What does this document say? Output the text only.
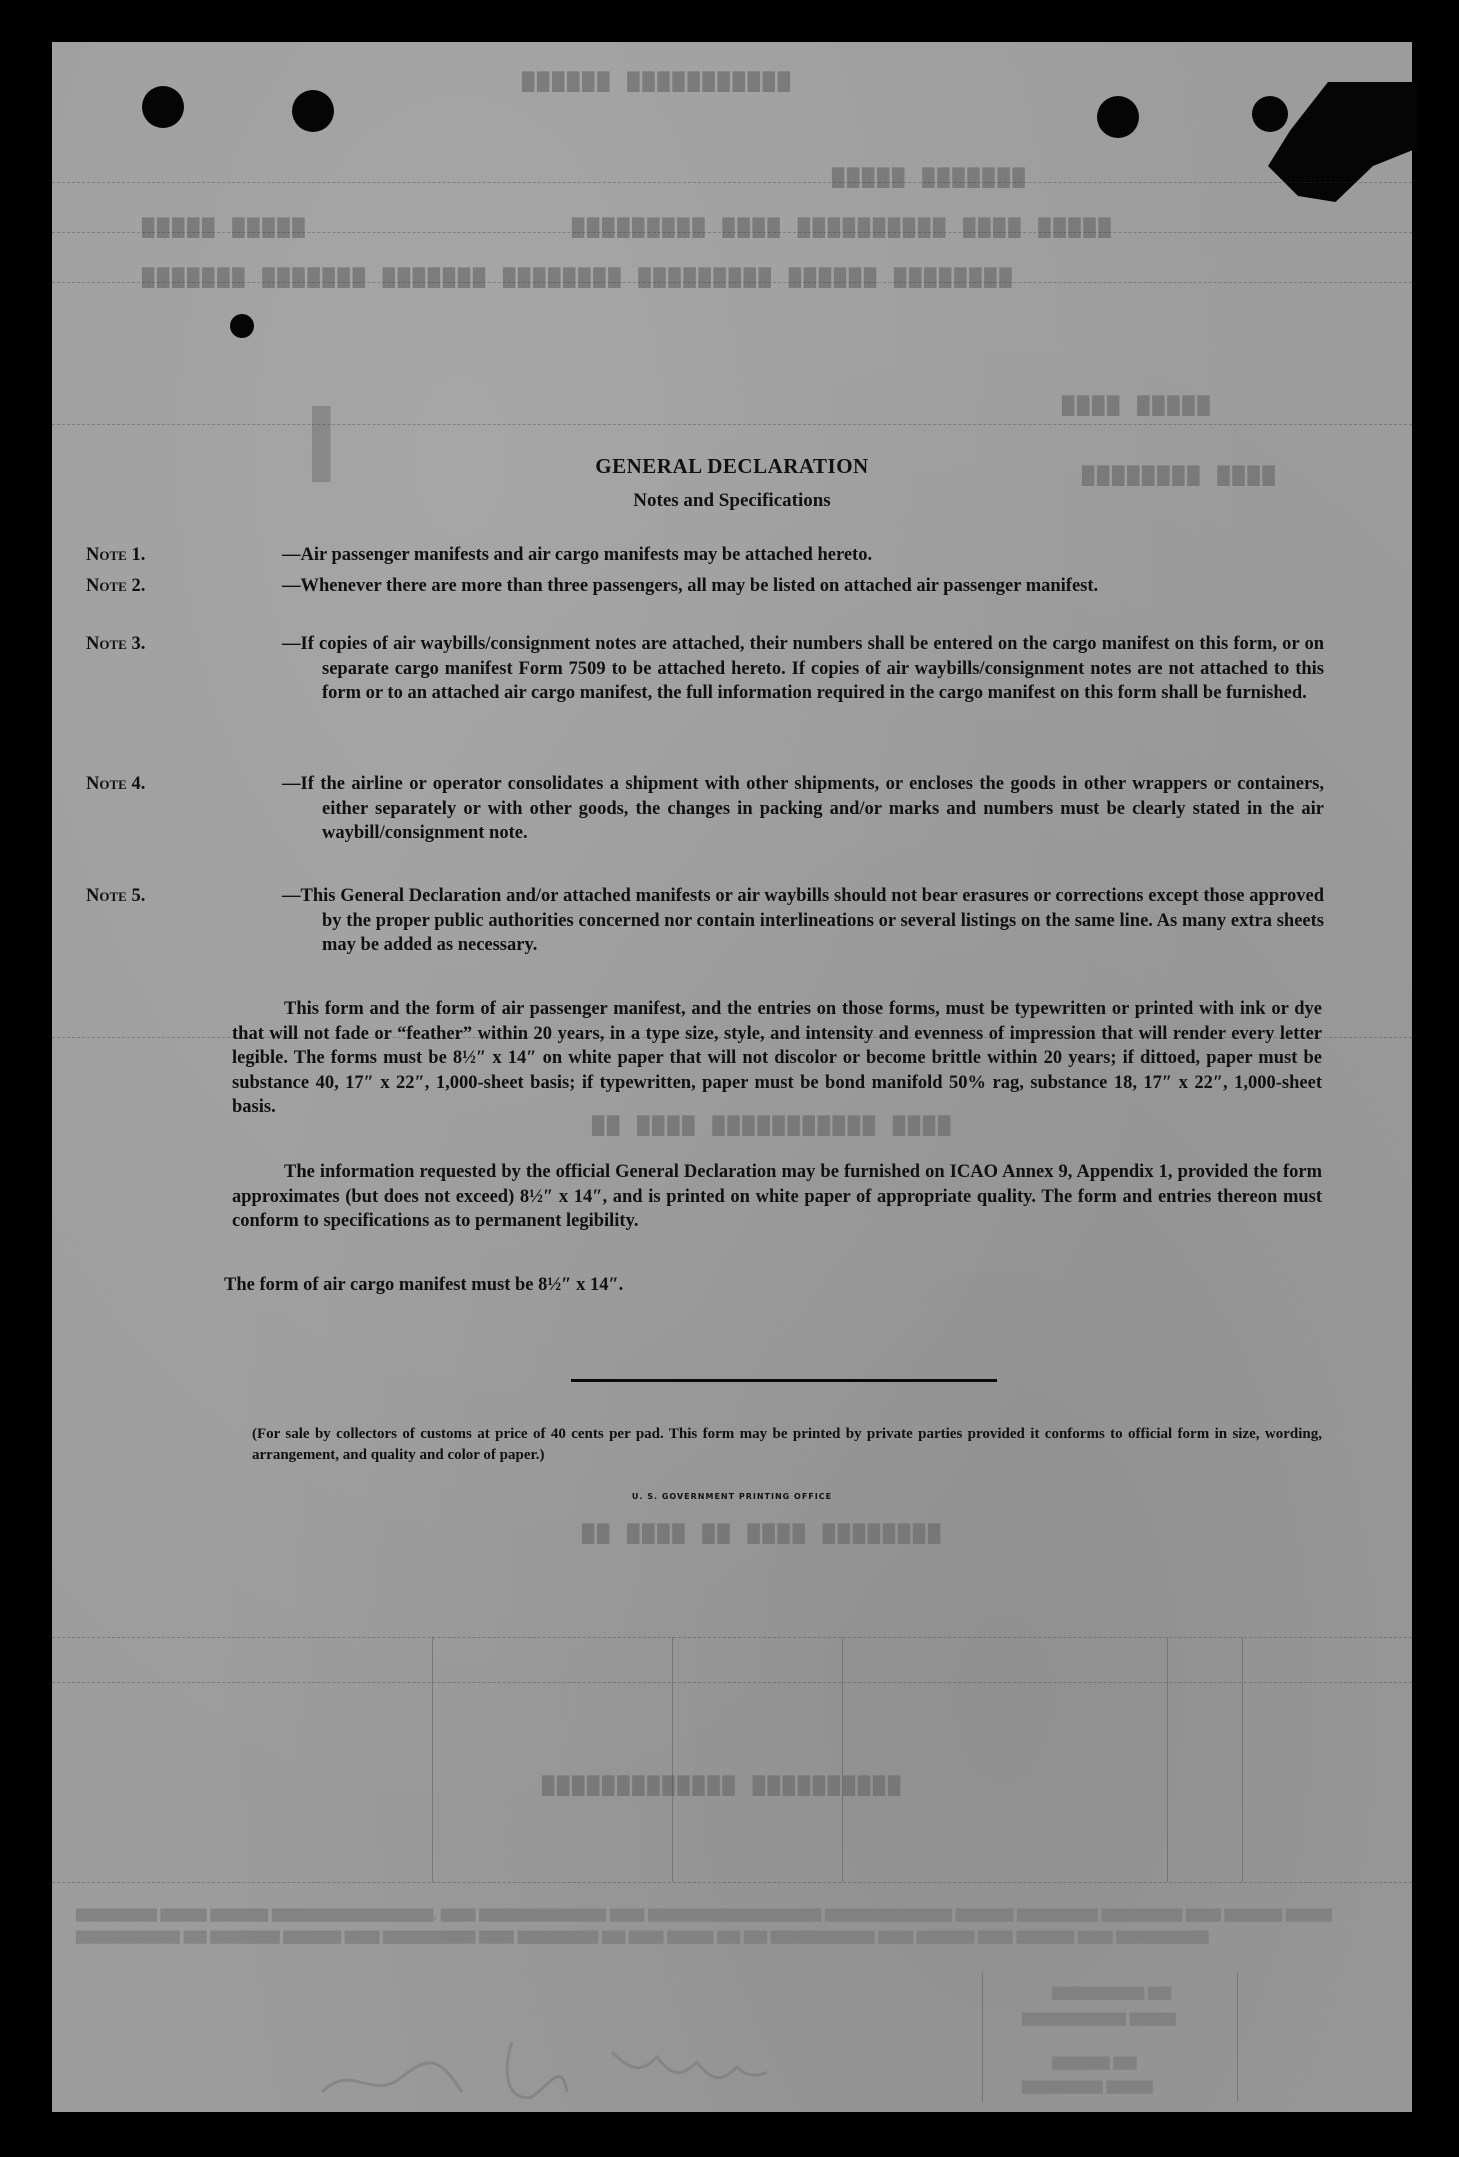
▇▇▇▇▇▇ ▇▇▇▇▇▇▇▇▇▇▇
▇▇▇▇▇ ▇▇▇▇▇▇▇
▇▇▇▇▇ ▇▇▇▇▇	▇▇▇▇▇▇▇▇▇ ▇▇▇▇ ▇▇▇▇▇▇▇▇▇▇ ▇▇▇▇ ▇▇▇▇▇
▇▇▇▇▇▇▇ ▇▇▇▇▇▇▇ ▇▇▇▇▇▇▇ ▇▇▇▇▇▇▇▇ ▇▇▇▇▇▇▇▇▇ ▇▇▇▇▇▇ ▇▇▇▇▇▇▇▇
▇▇▇▇ ▇▇▇▇▇
▇▇▇▇▇▇▇▇ ▇▇▇▇
▇▇ ▇▇▇▇ ▇▇▇▇▇▇▇▇▇▇▇ ▇▇▇▇
▇▇ ▇▇▇▇ ▇▇ ▇▇▇▇ ▇▇▇▇▇▇▇▇
▇▇▇▇▇▇▇▇▇▇▇▇▇ ▇▇▇▇▇▇▇▇▇▇
▆▆▆▆▆▆▆ ▆▆▆▆ ▆▆▆▆▆ ▆▆▆▆▆▆▆▆▆▆▆▆▆▆, ▆▆▆ ▆▆▆▆▆▆▆▆▆▆▆ ▆▆▆ ▆▆▆▆▆▆▆▆▆▆▆▆▆▆▆ ▆▆▆▆▆▆▆▆▆▆▆ ▆▆▆▆▆ ▆▆▆▆▆▆▆ ▆▆▆▆▆▆▆ ▆▆▆ ▆▆▆▆▆ ▆▆▆▆
▆▆▆▆▆▆▆▆▆ ▆▆ ▆▆▆▆▆▆ ▆▆▆▆▆ ▆▆▆ ▆▆▆▆▆▆▆▆ ▆▆▆ ▆▆▆▆▆▆▆ ▆▆ ▆▆▆ ▆▆▆▆ ▆▆ ▆▆ ▆▆▆▆▆▆▆▆▆ ▆▆▆ ▆▆▆▆▆ ▆▆▆ ▆▆▆▆▆ ▆▆▆ ▆▆▆▆▆▆▆▆
▆▆▆▆▆▆▆▆ ▆▆
▆▆▆▆▆▆▆▆▆ ▆▆▆▆
▆▆▆▆▆ ▆▆
▆▆▆▆▆▆▆ ▆▆▆▆
▇▇▇▇▇▇▇	GENERAL DECLARATION
Notes and Specifications
Note 1.	—Air passenger manifests and air cargo manifests may be attached hereto.
Note 2.	—Whenever there are more than three passengers, all may be listed on attached air passenger manifest.
Note 3.	—If copies of air waybills/consignment notes are attached, their numbers shall be entered on the cargo manifest on this form, or on separate cargo manifest Form 7509 to be attached hereto. If copies of air waybills/consignment notes are not attached to this form or to an attached air cargo manifest, the full information required in the cargo manifest on this form shall be furnished.
Note 4.	—If the airline or operator consolidates a shipment with other shipments, or encloses the goods in other wrappers or containers, either separately or with other goods, the changes in packing and/or marks and numbers must be clearly stated in the air waybill/consignment note.
Note 5.	—This General Declaration and/or attached manifests or air waybills should not bear erasures or corrections except those approved by the proper public authorities concerned nor contain interlineations or several listings on the same line. As many extra sheets may be added as necessary.
This form and the form of air passenger manifest, and the entries on those forms, must be typewritten or printed with ink or dye that will not fade or “feather” within 20 years, in a type size, style, and intensity and evenness of impression that will render every letter legible. The forms must be 8½″ x 14″ on white paper that will not discolor or become brittle within 20 years; if dittoed, paper must be substance 40, 17″ x 22″, 1,000-sheet basis; if typewritten, paper must be bond manifold 50% rag, substance 18, 17″ x 22″, 1,000-sheet basis.
The information requested by the official General Declaration may be furnished on ICAO Annex 9, Appendix 1, provided the form approximates (but does not exceed) 8½″ x 14″, and is printed on white paper of appropriate quality. The form and entries thereon must conform to specifications as to permanent legibility.
The form of air cargo manifest must be 8½″ x 14″.
(For sale by collectors of customs at price of 40 cents per pad. This form may be printed by private parties provided it conforms to official form in size, wording, arrangement, and quality and color of paper.)
U. S. GOVERNMENT PRINTING OFFICE
